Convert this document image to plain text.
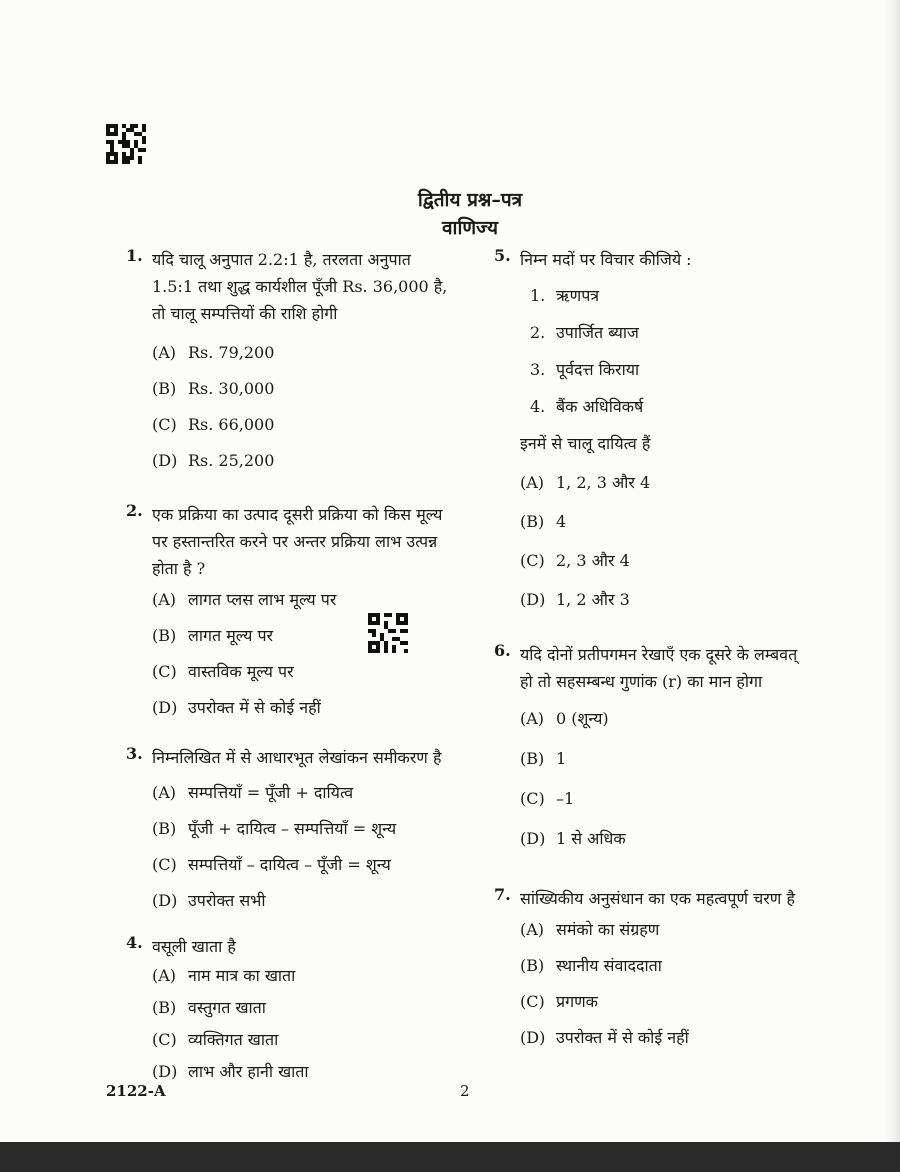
द्वितीय प्रश्न–पत्र
वाणिज्य
1. यदि चालू अनुपात 2.2:1 है, तरलता अनुपात
1.5:1 तथा शुद्ध कार्यशील पूँजी Rs. 36,000 है,
तो चालू सम्पत्तियों की राशि होगी
(A) Rs. 79,200
(B) Rs. 30,000
(C) Rs. 66,000
(D) Rs. 25,200
2. एक प्रक्रिया का उत्पाद दूसरी प्रक्रिया को किस मूल्य
पर हस्तान्तरित करने पर अन्तर प्रक्रिया लाभ उत्पन्न
होता है ?
(A) लागत प्लस लाभ मूल्य पर
(B) लागत मूल्य पर
(C) वास्तविक मूल्य पर
(D) उपरोक्त में से कोई नहीं
3. निम्नलिखित में से आधारभूत लेखांकन समीकरण है
(A) सम्पत्तियाँ = पूँजी + दायित्व
(B) पूँजी + दायित्व – सम्पत्तियाँ = शून्य
(C) सम्पत्तियाँ – दायित्व – पूँजी = शून्य
(D) उपरोक्त सभी
4. वसूली खाता है
(A) नाम मात्र का खाता
(B) वस्तुगत खाता
(C) व्यक्तिगत खाता
(D) लाभ और हानी खाता
5. निम्न मदों पर विचार कीजिये :
1. ऋणपत्र
2. उपार्जित ब्याज
3. पूर्वदत्त किराया
4. बैंक अधिविकर्ष
इनमें से चालू दायित्व हैं
(A) 1, 2, 3 और 4
(B) 4
(C) 2, 3 और 4
(D) 1, 2 और 3
6. यदि दोनों प्रतीपगमन रेखाएँ एक दूसरे के लम्बवत्
हो तो सहसम्बन्ध गुणांक (r) का मान होगा
(A) 0 (शून्य)
(B) 1
(C) –1
(D) 1 से अधिक
7. सांख्यिकीय अनुसंधान का एक महत्वपूर्ण चरण है
(A) समंको का संग्रहण
(B) स्थानीय संवाददाता
(C) प्रगणक
(D) उपरोक्त में से कोई नहीं
2122-A	2
